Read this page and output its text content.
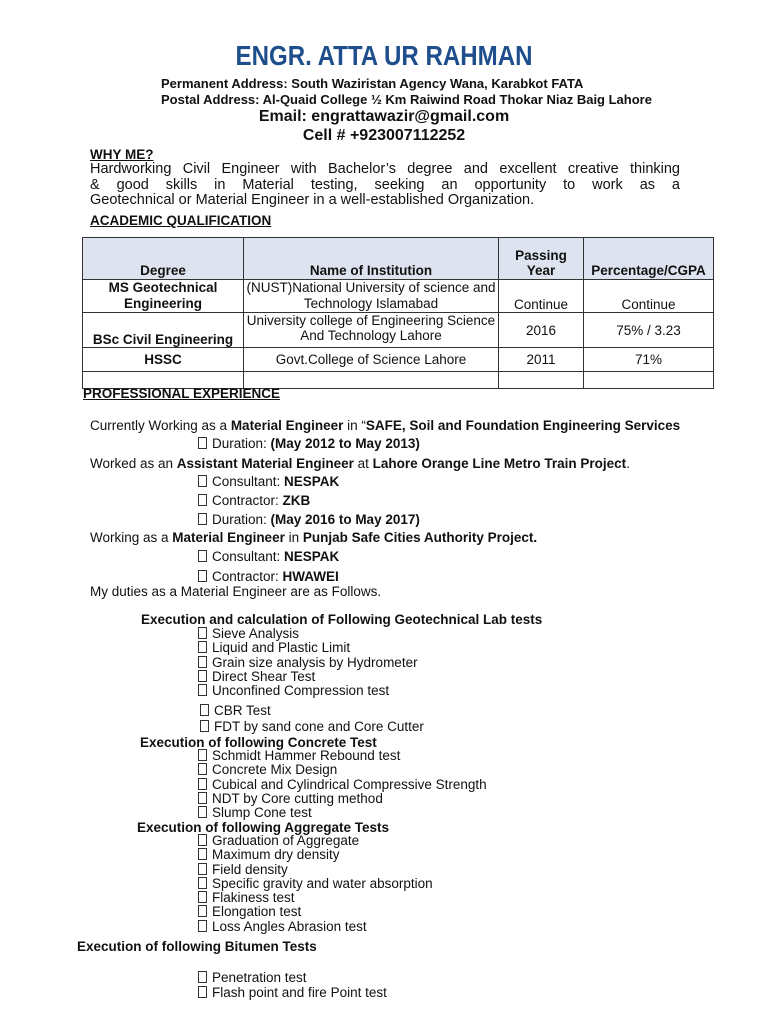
ENGR. ATTA UR RAHMAN
Permanent Address: South Waziristan Agency Wana, Karabkot FATA
Postal Address: Al-Quaid College ½ Km Raiwind Road Thokar Niaz Baig Lahore
Email: engrattawazir@gmail.com
Cell # +923007112252
WHY ME?
Hardworking Civil Engineer with Bachelor’s degree and excellent creative thinking
& good skills in Material testing, seeking an opportunity to work as a
Geotechnical or Material Engineer in a well-established Organization.
ACADEMIC QUALIFICATION
Degree	Name of Institution	Passing Year	Percentage/CGPA
MS Geotechnical Engineering	(NUST)National University of science and Technology Islamabad	Continue	Continue
BSc Civil Engineering	University college of Engineering Science And Technology Lahore	2016	75% / 3.23
HSSC	Govt.College of Science Lahore	2011	71%

PROFESSIONAL EXPERIENCE
Currently Working as a Material Engineer in “SAFE, Soil and Foundation Engineering Services
Duration: (May 2012 to May 2013)
Worked as an Assistant Material Engineer at Lahore Orange Line Metro Train Project.
Consultant: NESPAK
Contractor: ZKB
Duration: (May 2016 to May 2017)
Working as a Material Engineer in Punjab Safe Cities Authority Project.
Consultant: NESPAK
Contractor: HWAWEI
My duties as a Material Engineer are as Follows.
Execution and calculation of Following Geotechnical Lab tests
Sieve Analysis
Liquid and Plastic Limit
Grain size analysis by Hydrometer
Direct Shear Test
Unconfined Compression test
CBR Test
FDT by sand cone and Core Cutter
Execution of following Concrete Test
Schmidt Hammer Rebound test
Concrete Mix Design
Cubical and Cylindrical Compressive Strength
NDT by Core cutting method
Slump Cone test
Execution of following Aggregate Tests
Graduation of Aggregate
Maximum dry density
Field density
Specific gravity and water absorption
Flakiness test
Elongation test
Loss Angles Abrasion test
Execution of following Bitumen Tests
Penetration test
Flash point and fire Point test
